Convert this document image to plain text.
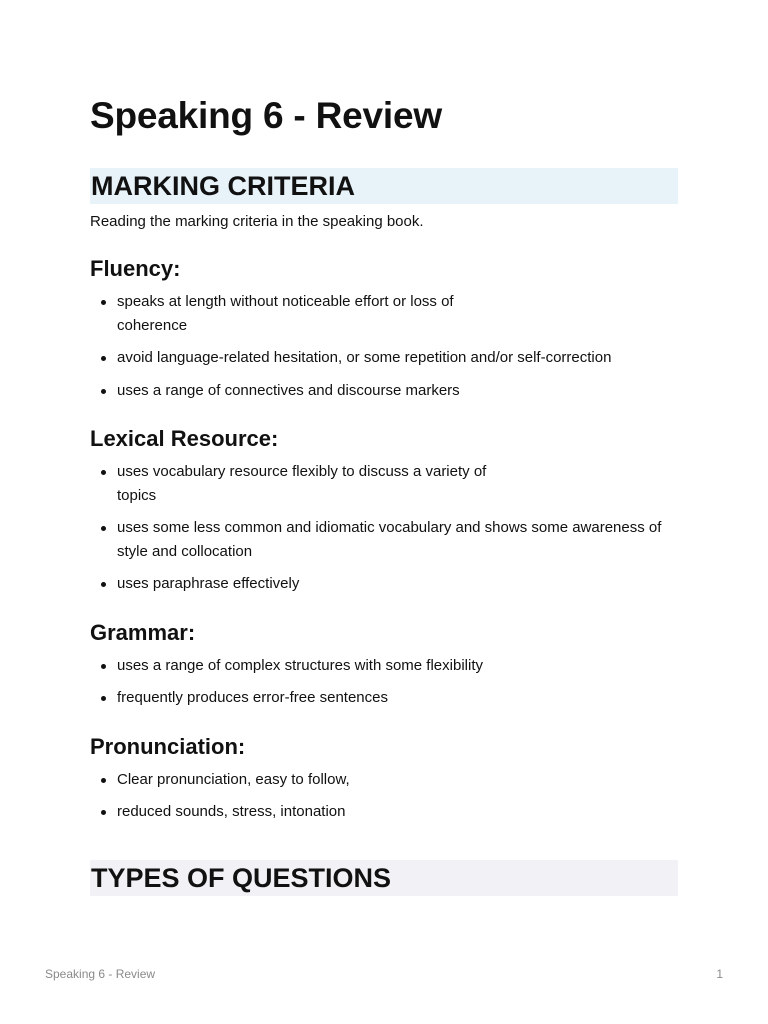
Speaking 6 - Review
MARKING CRITERIA

Reading the marking criteria in the speaking book.

Fluency:
speaks at length without noticeable effort or loss of coherence
avoid language-related hesitation, or some repetition and/or self-correction
uses a range of connectives and discourse markers
Lexical Resource:
uses vocabulary resource flexibly to discuss a variety of topics
uses some less common and idiomatic vocabulary and shows some awareness of style and collocation
uses paraphrase effectively
Grammar:
uses a range of complex structures with some flexibility
frequently produces error-free sentences
Pronunciation:
Clear pronunciation, easy to follow,
reduced sounds, stress, intonation
TYPES OF QUESTIONS
Speaking 6 - Review	1
